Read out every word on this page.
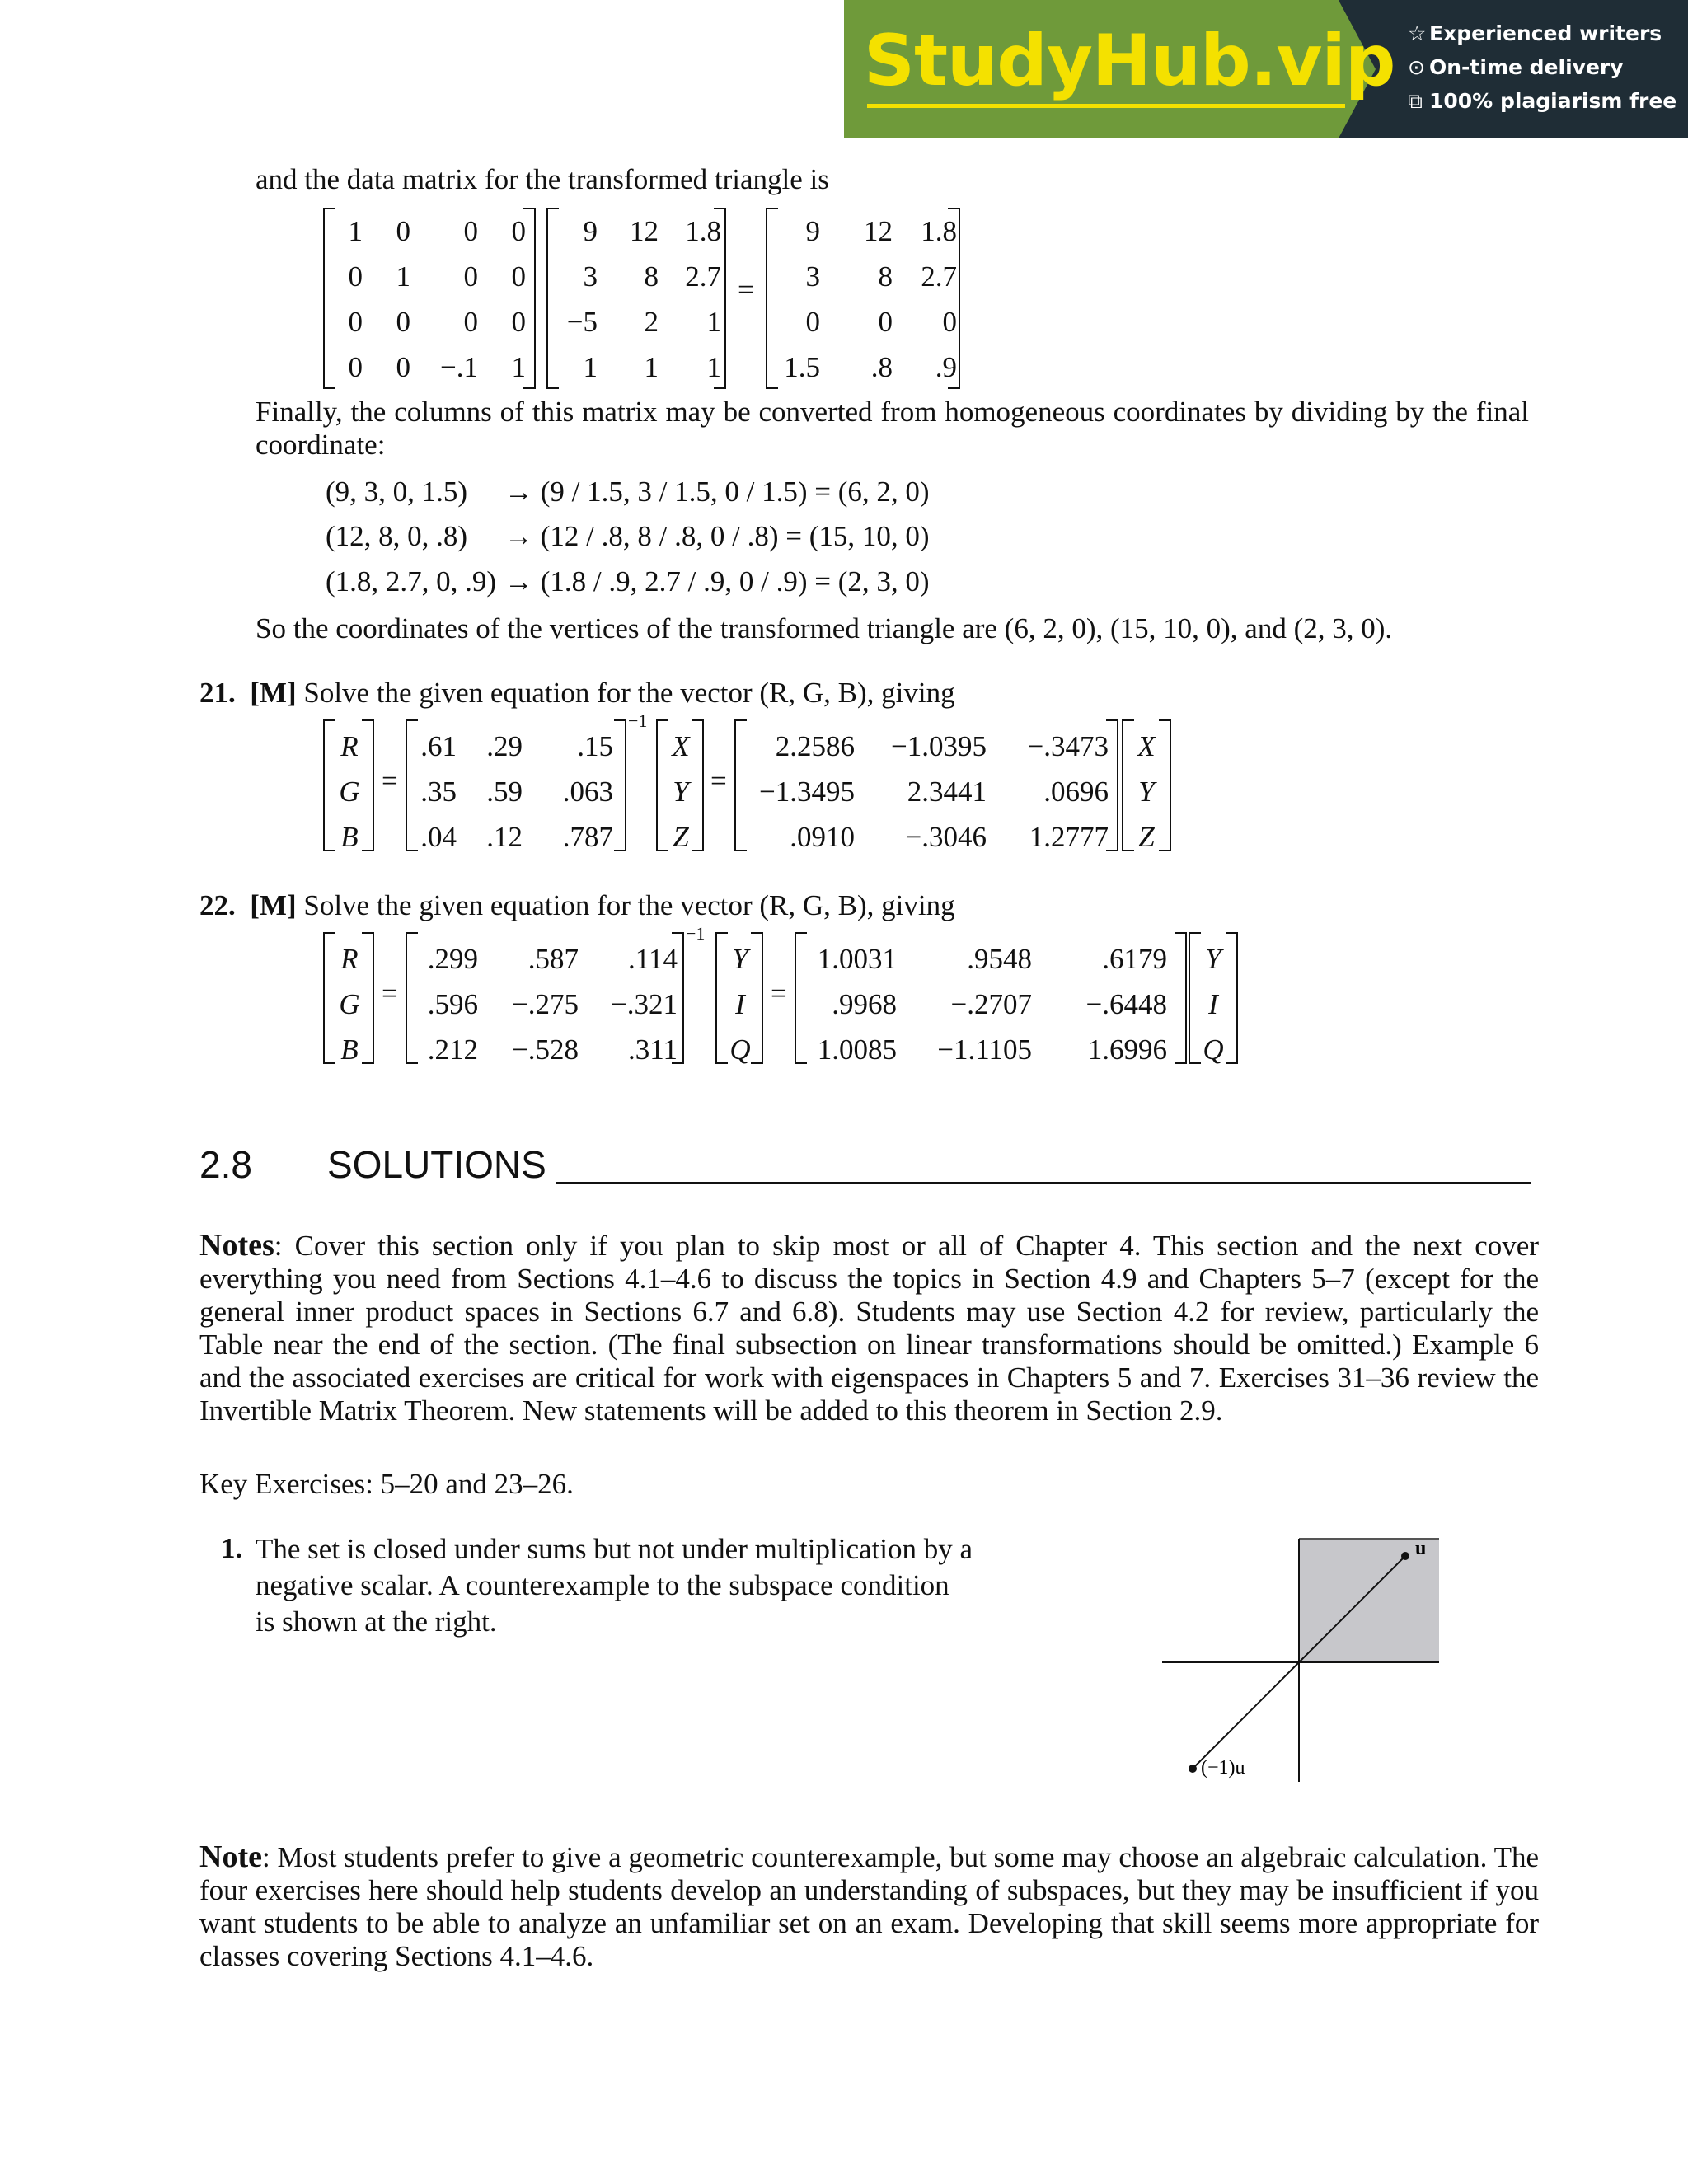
StudyHub.vip ☆ Experienced writers
⊙ On-time delivery
⧉ 100% plagiarism free
and the data matrix for the transformed triangle is
1	0	0	0
0	1	0	0
0	0	0	0
0	0	−.1	1
9	12	1.8
3	8	2.7
−5	2	1
1	1	1
=
9	12	1.8
3	8	2.7
0	0	0
1.5	.8	.9
Finally, the columns of this matrix may be converted from homogeneous coordinates by dividing by the final coordinate:
(9, 3, 0, 1.5) → (9 / 1.5, 3 / 1.5, 0 / 1.5) = (6, 2, 0)
(12, 8, 0, .8) → (12 / .8, 8 / .8, 0 / .8) = (15, 10, 0)
(1.8, 2.7, 0, .9) → (1.8 / .9, 2.7 / .9, 0 / .9) = (2, 3, 0)
So the coordinates of the vertices of the transformed triangle are (6, 2, 0), (15, 10, 0), and (2, 3, 0).
21. [M] Solve the given equation for the vector (R, G, B), giving
R
G
B
=
.61	.29	.15
.35	.59	.063
.04	.12	.787
−1
X
Y
Z
=
2.2586	−1.0395	−.3473
−1.3495	2.3441	.0696
.0910	−.3046	1.2777
X
Y
Z
22. [M] Solve the given equation for the vector (R, G, B), giving
R
G
B
=
.299	.587	.114
.596	−.275	−.321
.212	−.528	.311
−1
Y
I
Q
=
1.0031	.9548	.6179
.9968	−.2707	−.6448
1.0085	−1.1105	1.6996
Y
I
Q
2.8 SOLUTIONS
Notes: Cover this section only if you plan to skip most or all of Chapter 4. This section and the next cover everything you need from Sections 4.1–4.6 to discuss the topics in Section 4.9 and Chapters 5–7 (except for the general inner product spaces in Sections 6.7 and 6.8). Students may use Section 4.2 for review, particularly the Table near the end of the section. (The final subsection on linear transformations should be omitted.) Example 6 and the associated exercises are critical for work with eigenspaces in Chapters 5 and 7. Exercises 31–36 review the Invertible Matrix Theorem. New statements will be added to this theorem in Section 2.9.
Key Exercises: 5–20 and 23–26.
1. The set is closed under sums but not under multiplication by a negative scalar. A counterexample to the subspace condition is shown at the right.
u
(−1)u
Note: Most students prefer to give a geometric counterexample, but some may choose an algebraic calculation. The four exercises here should help students develop an understanding of subspaces, but they may be insufficient if you want students to be able to analyze an unfamiliar set on an exam. Developing that skill seems more appropriate for classes covering Sections 4.1–4.6.
